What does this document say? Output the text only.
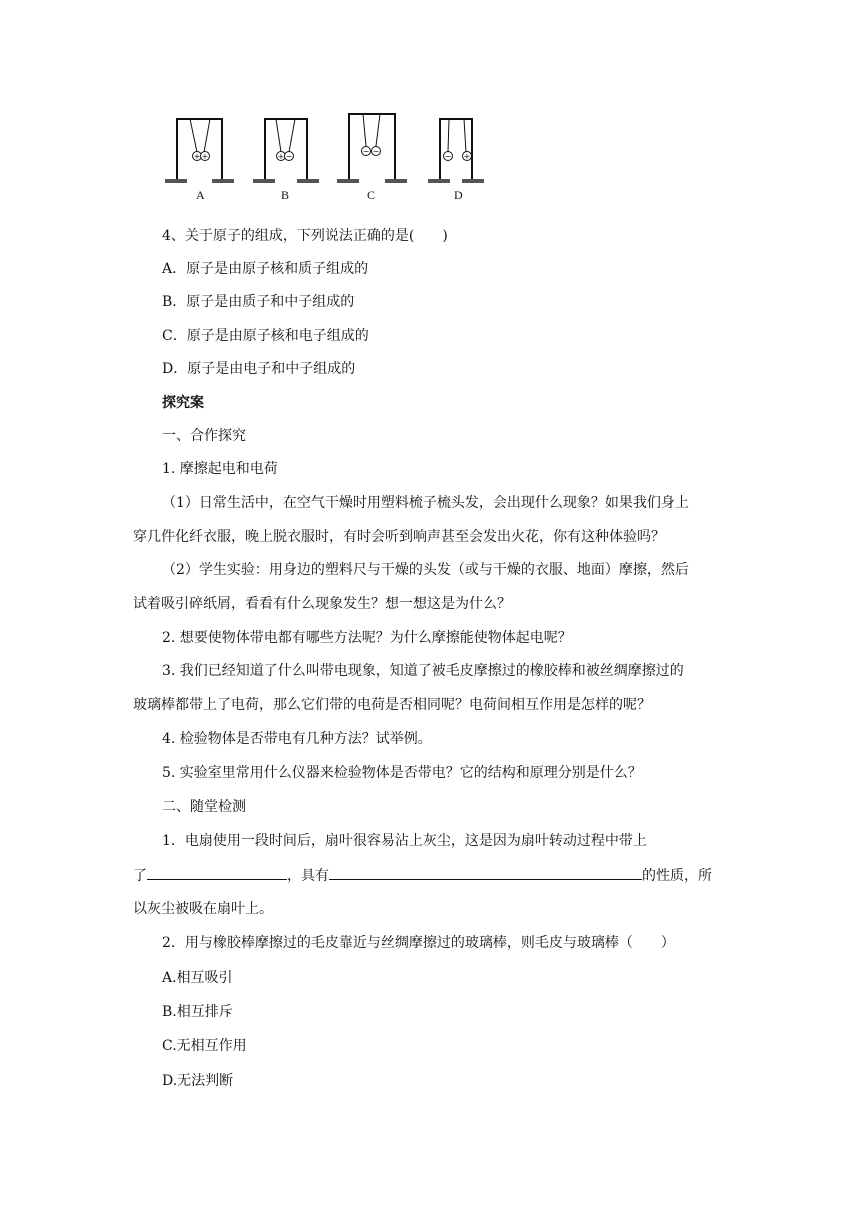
+ +	+ −
− −
− +
A	B	C	D
4、关于原子的组成，下列说法正确的是(　　)
A．原子是由原子核和质子组成的
B．原子是由质子和中子组成的
C．原子是由原子核和电子组成的
D．原子是由电子和中子组成的
探究案
一、合作探究
1. 摩擦起电和电荷
（1）日常生活中，在空气干燥时用塑料梳子梳头发，会出现什么现象？如果我们身上
穿几件化纤衣服，晚上脱衣服时，有时会听到响声甚至会发出火花，你有这种体验吗？
（2）学生实验：用身边的塑料尺与干燥的头发（或与干燥的衣服、地面）摩擦，然后
试着吸引碎纸屑，看看有什么现象发生？想一想这是为什么？
2. 想要使物体带电都有哪些方法呢？为什么摩擦能使物体起电呢？
3. 我们已经知道了什么叫带电现象，知道了被毛皮摩擦过的橡胶棒和被丝绸摩擦过的
玻璃棒都带上了电荷，那么它们带的电荷是否相同呢？电荷间相互作用是怎样的呢？
4. 检验物体是否带电有几种方法？试举例。
5. 实验室里常用什么仪器来检验物体是否带电？它的结构和原理分别是什么？
二、随堂检测
1．电扇使用一段时间后，扇叶很容易沾上灰尘，这是因为扇叶转动过程中带上
了	，具有	的性质，所
以灰尘被吸在扇叶上。
2．用与橡胶棒摩擦过的毛皮靠近与丝绸摩擦过的玻璃棒，则毛皮与玻璃棒（　　）
A.相互吸引
B.相互排斥
C.无相互作用
D.无法判断
